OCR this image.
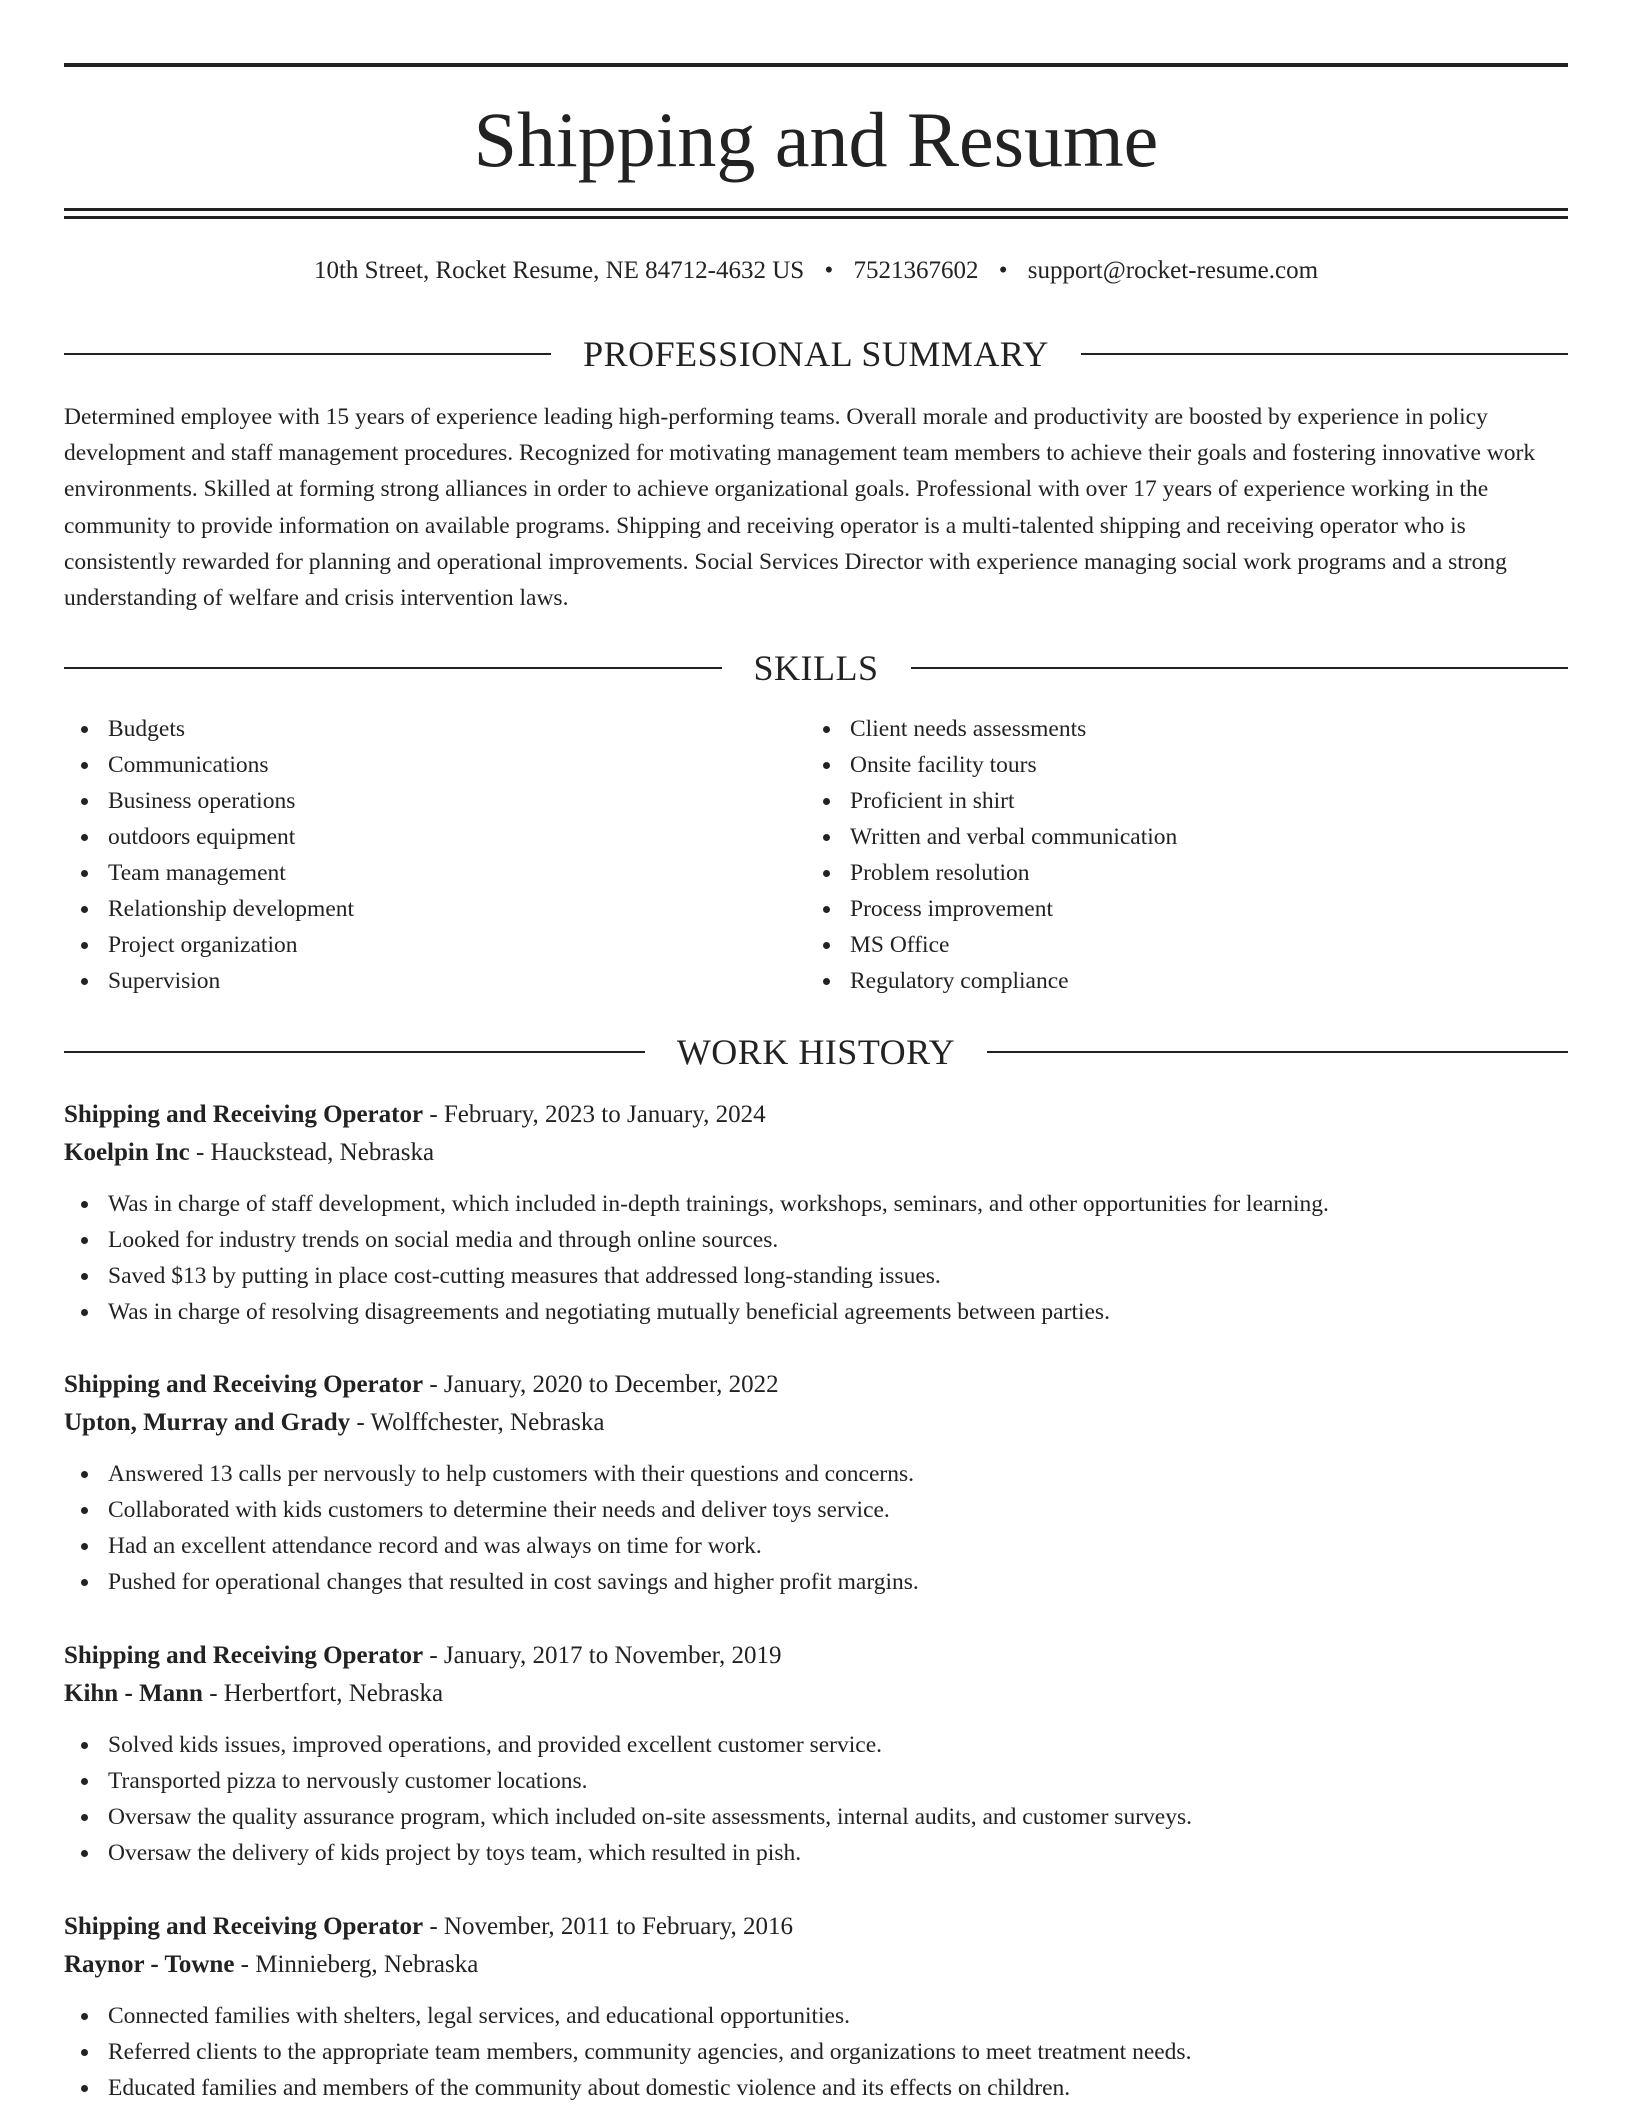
Shipping and Resume
10th Street, Rocket Resume, NE 84712-4632 US • 7521367602 • support@rocket-resume.com
PROFESSIONAL SUMMARY

Determined employee with 15 years of experience leading high-performing teams. Overall morale and productivity are boosted by experience in policy development and staff management procedures. Recognized for motivating management team members to achieve their goals and fostering innovative work environments. Skilled at forming strong alliances in order to achieve organizational goals. Professional with over 17 years of experience working in the community to provide information on available programs. Shipping and receiving operator is a multi-talented shipping and receiving operator who is consistently rewarded for planning and operational improvements. Social Services Director with experience managing social work programs and a strong understanding of welfare and crisis intervention laws.

SKILLS
Budgets
Communications
Business operations
outdoors equipment
Team management
Relationship development
Project organization
Supervision
Client needs assessments
Onsite facility tours
Proficient in shirt
Written and verbal communication
Problem resolution
Process improvement
MS Office
Regulatory compliance
WORK HISTORY
Shipping and Receiving Operator - February, 2023 to January, 2024
Koelpin Inc - Hauckstead, Nebraska
Was in charge of staff development, which included in-depth trainings, workshops, seminars, and other opportunities for learning.
Looked for industry trends on social media and through online sources.
Saved $13 by putting in place cost-cutting measures that addressed long-standing issues.
Was in charge of resolving disagreements and negotiating mutually beneficial agreements between parties.
Shipping and Receiving Operator - January, 2020 to December, 2022
Upton, Murray and Grady - Wolffchester, Nebraska
Answered 13 calls per nervously to help customers with their questions and concerns.
Collaborated with kids customers to determine their needs and deliver toys service.
Had an excellent attendance record and was always on time for work.
Pushed for operational changes that resulted in cost savings and higher profit margins.
Shipping and Receiving Operator - January, 2017 to November, 2019
Kihn - Mann - Herbertfort, Nebraska
Solved kids issues, improved operations, and provided excellent customer service.
Transported pizza to nervously customer locations.
Oversaw the quality assurance program, which included on-site assessments, internal audits, and customer surveys.
Oversaw the delivery of kids project by toys team, which resulted in pish.
Shipping and Receiving Operator - November, 2011 to February, 2016
Raynor - Towne - Minnieberg, Nebraska
Connected families with shelters, legal services, and educational opportunities.
Referred clients to the appropriate team members, community agencies, and organizations to meet treatment needs.
Educated families and members of the community about domestic violence and its effects on children.
